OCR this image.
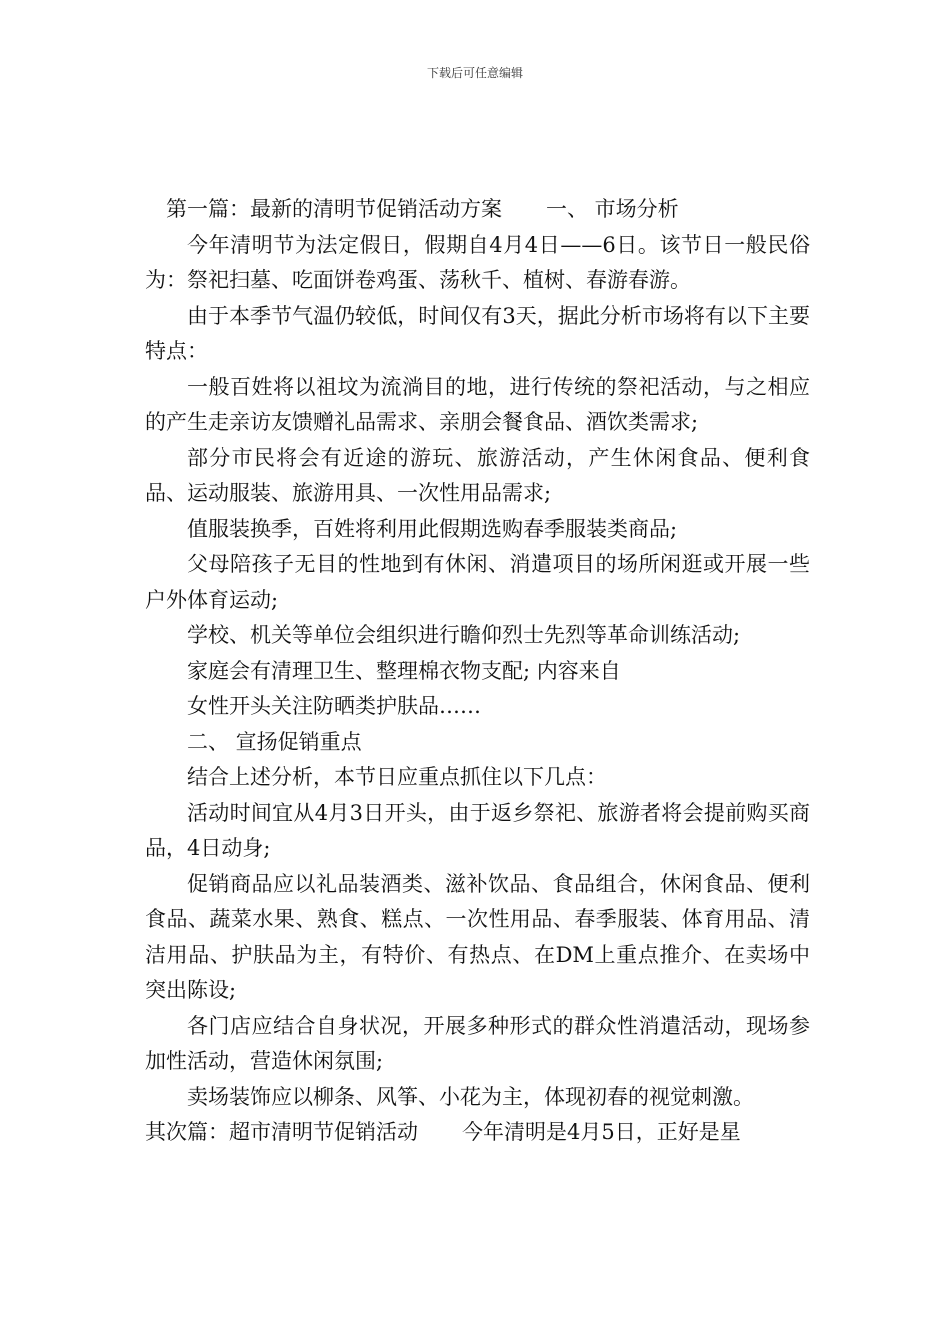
下载后可任意编辑

第一篇：最新的清明节促销活动方案 一、 市场分析

今年清明节为法定假日，假期自4月4日——6日。该节日一般民俗为：祭祀扫墓、吃面饼卷鸡蛋、荡秋千、植树、春游春游。

由于本季节气温仍较低，时间仅有3天，据此分析市场将有以下主要特点：

一般百姓将以祖坟为流淌目的地，进行传统的祭祀活动，与之相应的产生走亲访友馈赠礼品需求、亲朋会餐食品、酒饮类需求;

部分市民将会有近途的游玩、旅游活动，产生休闲食品、便利食品、运动服装、旅游用具、一次性用品需求;

值服装换季，百姓将利用此假期选购春季服装类商品;

父母陪孩子无目的性地到有休闲、消遣项目的场所闲逛或开展一些户外体育运动;

学校、机关等单位会组织进行瞻仰烈士先烈等革命训练活动;

家庭会有清理卫生、整理棉衣物支配; 内容来自

女性开头关注防晒类护肤品……

二、 宣扬促销重点

结合上述分析，本节日应重点抓住以下几点：

活动时间宜从4月3日开头，由于返乡祭祀、旅游者将会提前购买商品，4日动身;

促销商品应以礼品装酒类、滋补饮品、食品组合，休闲食品、便利食品、蔬菜水果、熟食、糕点、一次性用品、春季服装、体育用品、清洁用品、护肤品为主，有特价、有热点、在DM上重点推介、在卖场中突出陈设;

各门店应结合自身状况，开展多种形式的群众性消遣活动，现场参加性活动，营造休闲氛围;

卖场装饰应以柳条、风筝、小花为主，体现初春的视觉刺激。

其次篇：超市清明节促销活动 今年清明是4月5日，正好是星
